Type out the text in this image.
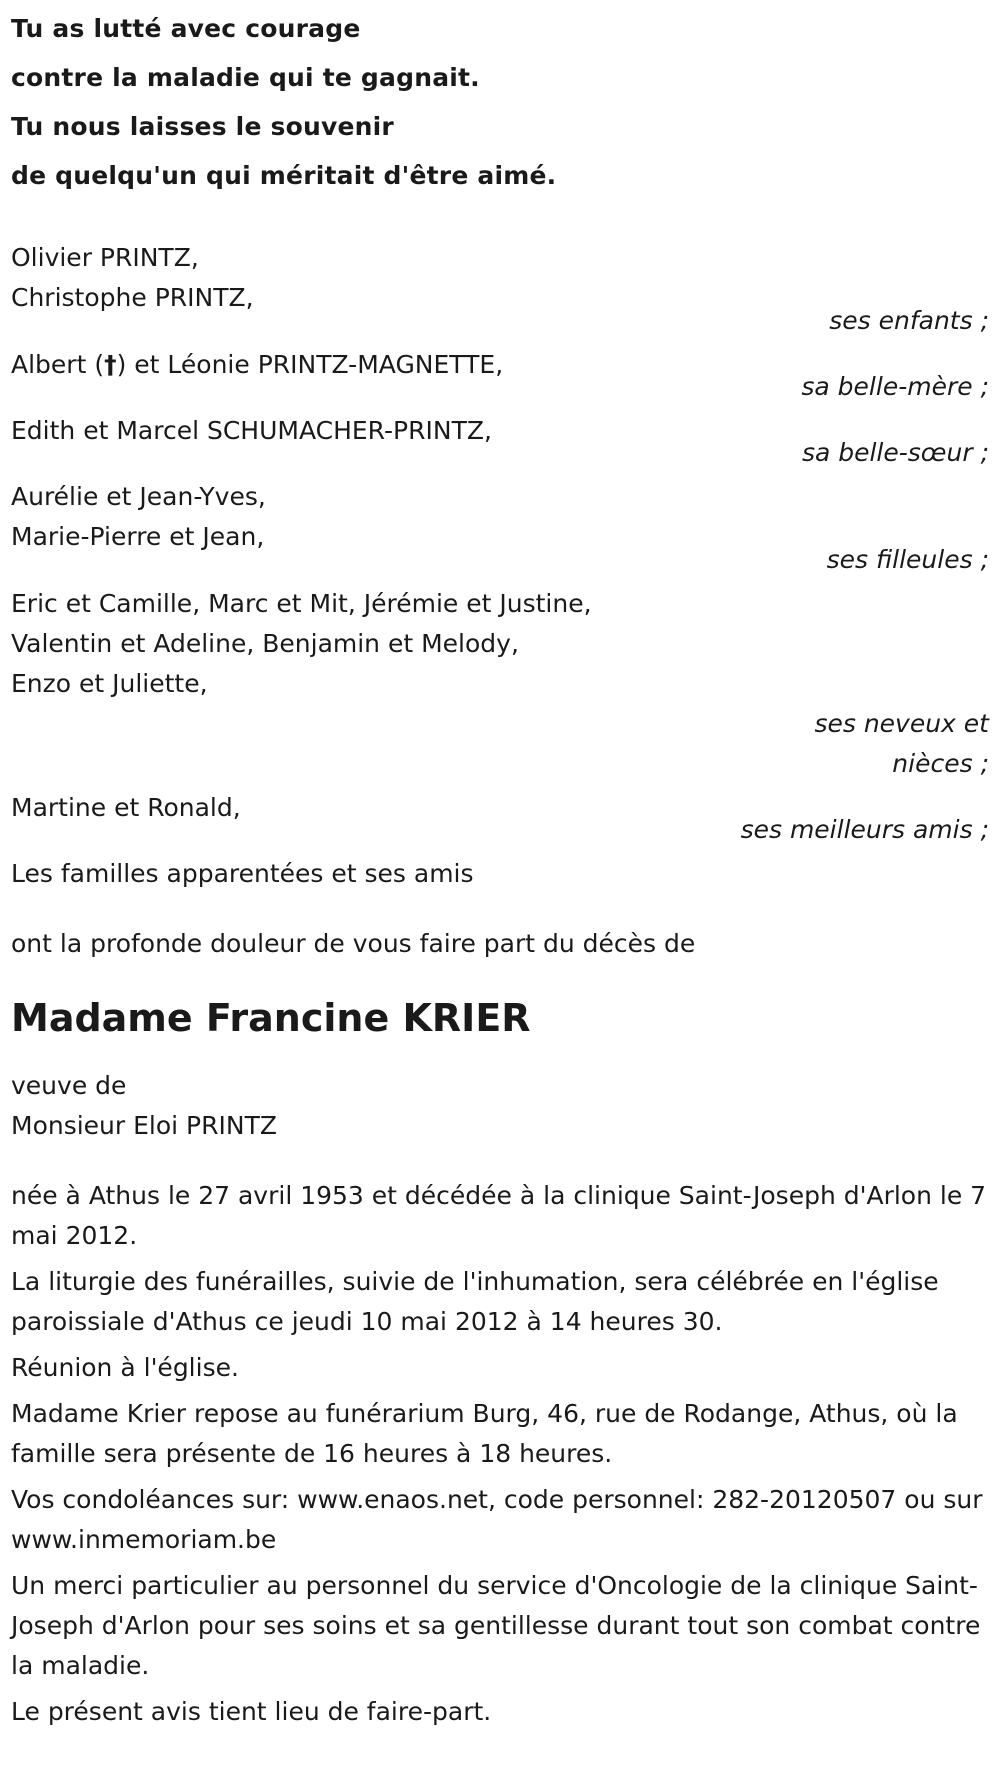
Tu as lutté avec courage
contre la maladie qui te gagnait.
Tu nous laisses le souvenir
de quelqu'un qui méritait d'être aimé.
Olivier PRINTZ,
Christophe PRINTZ,
ses enfants ;
Albert (†) et Léonie PRINTZ-MAGNETTE,
sa belle-mère ;
Edith et Marcel SCHUMACHER-PRINTZ,
sa belle-sœur ;
Aurélie et Jean-Yves,
Marie-Pierre et Jean,
ses filleules ;
Eric et Camille, Marc et Mit, Jérémie et Justine,
Valentin et Adeline, Benjamin et Melody,
Enzo et Juliette,
ses neveux et
nièces ;
Martine et Ronald,
ses meilleurs amis ;
Les familles apparentées et ses amis

ont la profonde douleur de vous faire part du décès de

Madame Francine KRIER

veuve de

Monsieur Eloi PRINTZ

née à Athus le 27 avril 1953 et décédée à la clinique Saint-Joseph d'Arlon le 7 mai 2012.

La liturgie des funérailles, suivie de l'inhumation, sera célébrée en l'église paroissiale d'Athus ce jeudi 10 mai 2012 à 14 heures 30.

Réunion à l'église.

Madame Krier repose au funérarium Burg, 46, rue de Rodange, Athus, où la famille sera présente de 16 heures à 18 heures.

Vos condoléances sur: www.enaos.net, code personnel: 282-20120507 ou sur www.inmemoriam.be

Un merci particulier au personnel du service d'Oncologie de la clinique Saint-Joseph d'Arlon pour ses soins et sa gentillesse durant tout son combat contre la maladie.

Le présent avis tient lieu de faire-part.
